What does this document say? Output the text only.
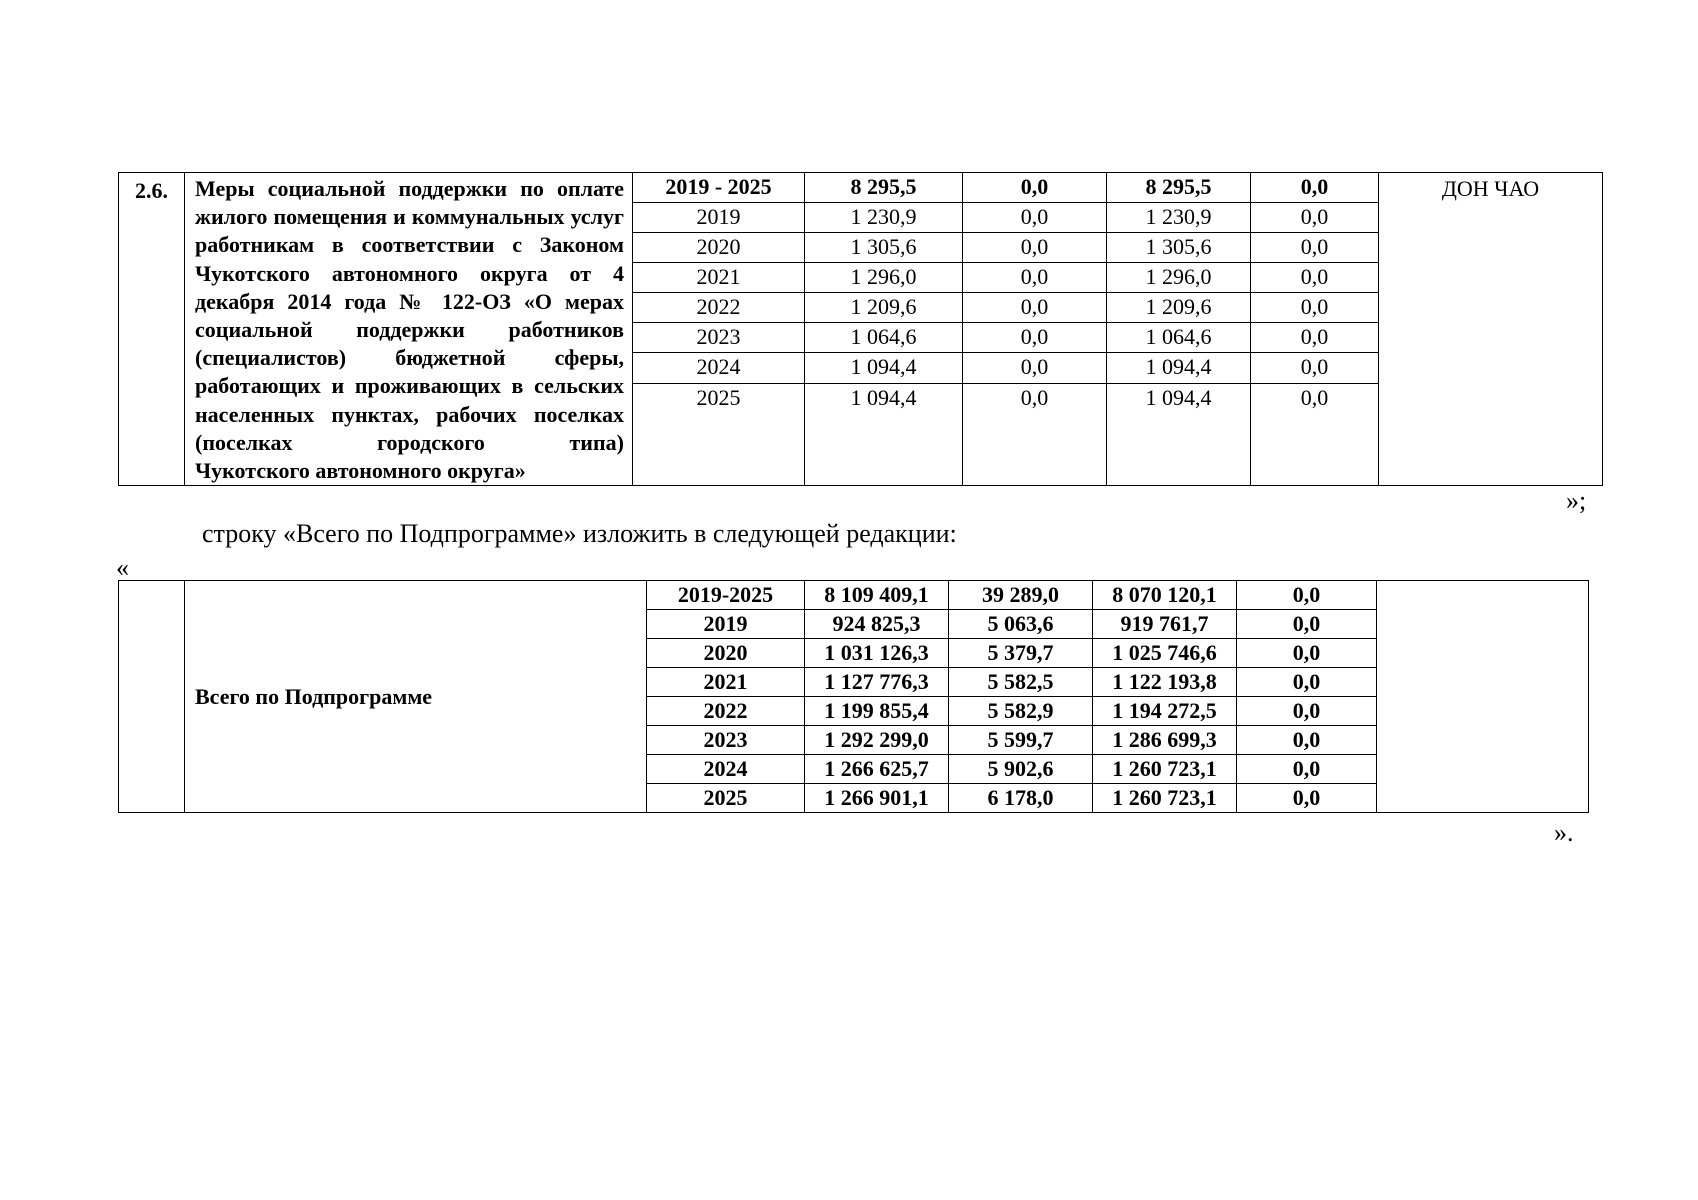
2.6.	Меры социальной поддержки по оплате жилого помещения и коммунальных услуг работникам в соответствии с Законом Чукотского автономного округа от 4 декабря 2014 года № 122-ОЗ «О мерах социальной поддержки работников (специалистов) бюджетной сферы, работающих и проживающих в сельских населенных пунктах, рабочих поселках (поселках городского типа)
Чукотского автономного округа»	2019 - 2025	8 295,5	0,0	8 295,5	0,0	ДОН ЧАО
		2019	1 230,9	0,0	1 230,9	0,0	
		2020	1 305,6	0,0	1 305,6	0,0	
		2021	1 296,0	0,0	1 296,0	0,0	
		2022	1 209,6	0,0	1 209,6	0,0	
		2023	1 064,6	0,0	1 064,6	0,0	
		2024	1 094,4	0,0	1 094,4	0,0	
		2025	1 094,4	0,0	1 094,4	0,0	
»;
строку «Всего по Подпрограмме» изложить в следующей редакции:
«
	Всего по Подпрограмме	2019-2025	8 109 409,1	39 289,0	8 070 120,1	0,0	
		2019	924 825,3	5 063,6	919 761,7	0,0	
		2020	1 031 126,3	5 379,7	1 025 746,6	0,0	
		2021	1 127 776,3	5 582,5	1 122 193,8	0,0	
		2022	1 199 855,4	5 582,9	1 194 272,5	0,0	
		2023	1 292 299,0	5 599,7	1 286 699,3	0,0	
		2024	1 266 625,7	5 902,6	1 260 723,1	0,0	
		2025	1 266 901,1	6 178,0	1 260 723,1	0,0	
».
